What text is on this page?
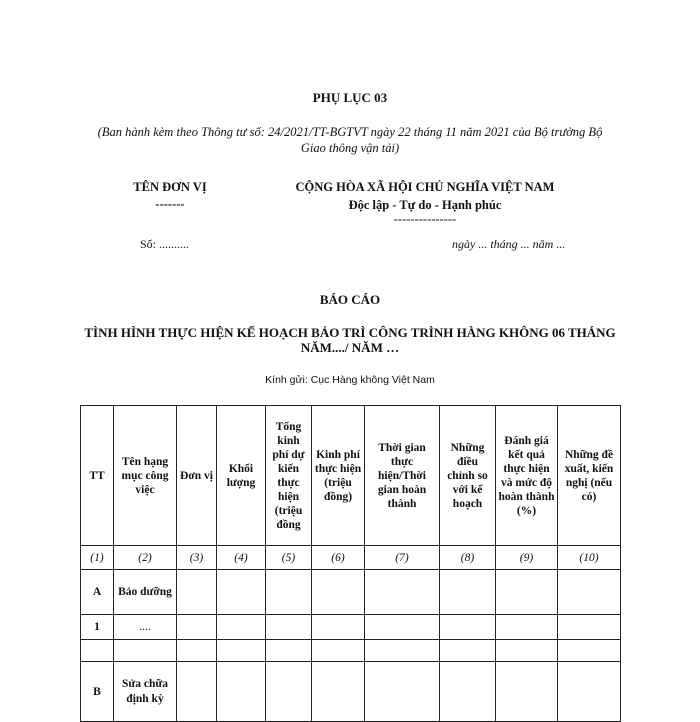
PHỤ LỤC 03
(Ban hành kèm theo Thông tư số: 24/2021/TT-BGTVT ngày 22 tháng 11 năm 2021 của Bộ trưởng Bộ Giao thông vận tải)
TÊN ĐƠN VỊ
-------
CỘNG HÒA XÃ HỘI CHỦ NGHĨA VIỆT NAM
Độc lập - Tự do - Hạnh phúc
---------------
Số: ..........	ngày ... tháng ... năm ...
BÁO CÁO
TÌNH HÌNH THỰC HIỆN KẾ HOẠCH BẢO TRÌ CÔNG TRÌNH HÀNG KHÔNG 06 THÁNG NĂM..../ NĂM …
Kính gửi: Cục Hàng không Việt Nam
TT	Tên hạng mục công việc	Đơn vị	Khối lượng	Tổng kinh phí dự kiến thực hiện (triệu đồng	Kinh phí thực hiện (triệu đồng)	Thời gian thực hiện/Thời gian hoàn thành	Những điều chỉnh so với kế hoạch	Đánh giá kết quả thực hiện và mức độ hoàn thành (%)	Những đề xuất, kiến nghị (nếu có)
(1)	(2)	(3)	(4)	(5)	(6)	(7)	(8)	(9)	(10)
A	Bảo dưỡng								
1	....								

B	Sửa chữa định kỳ								
